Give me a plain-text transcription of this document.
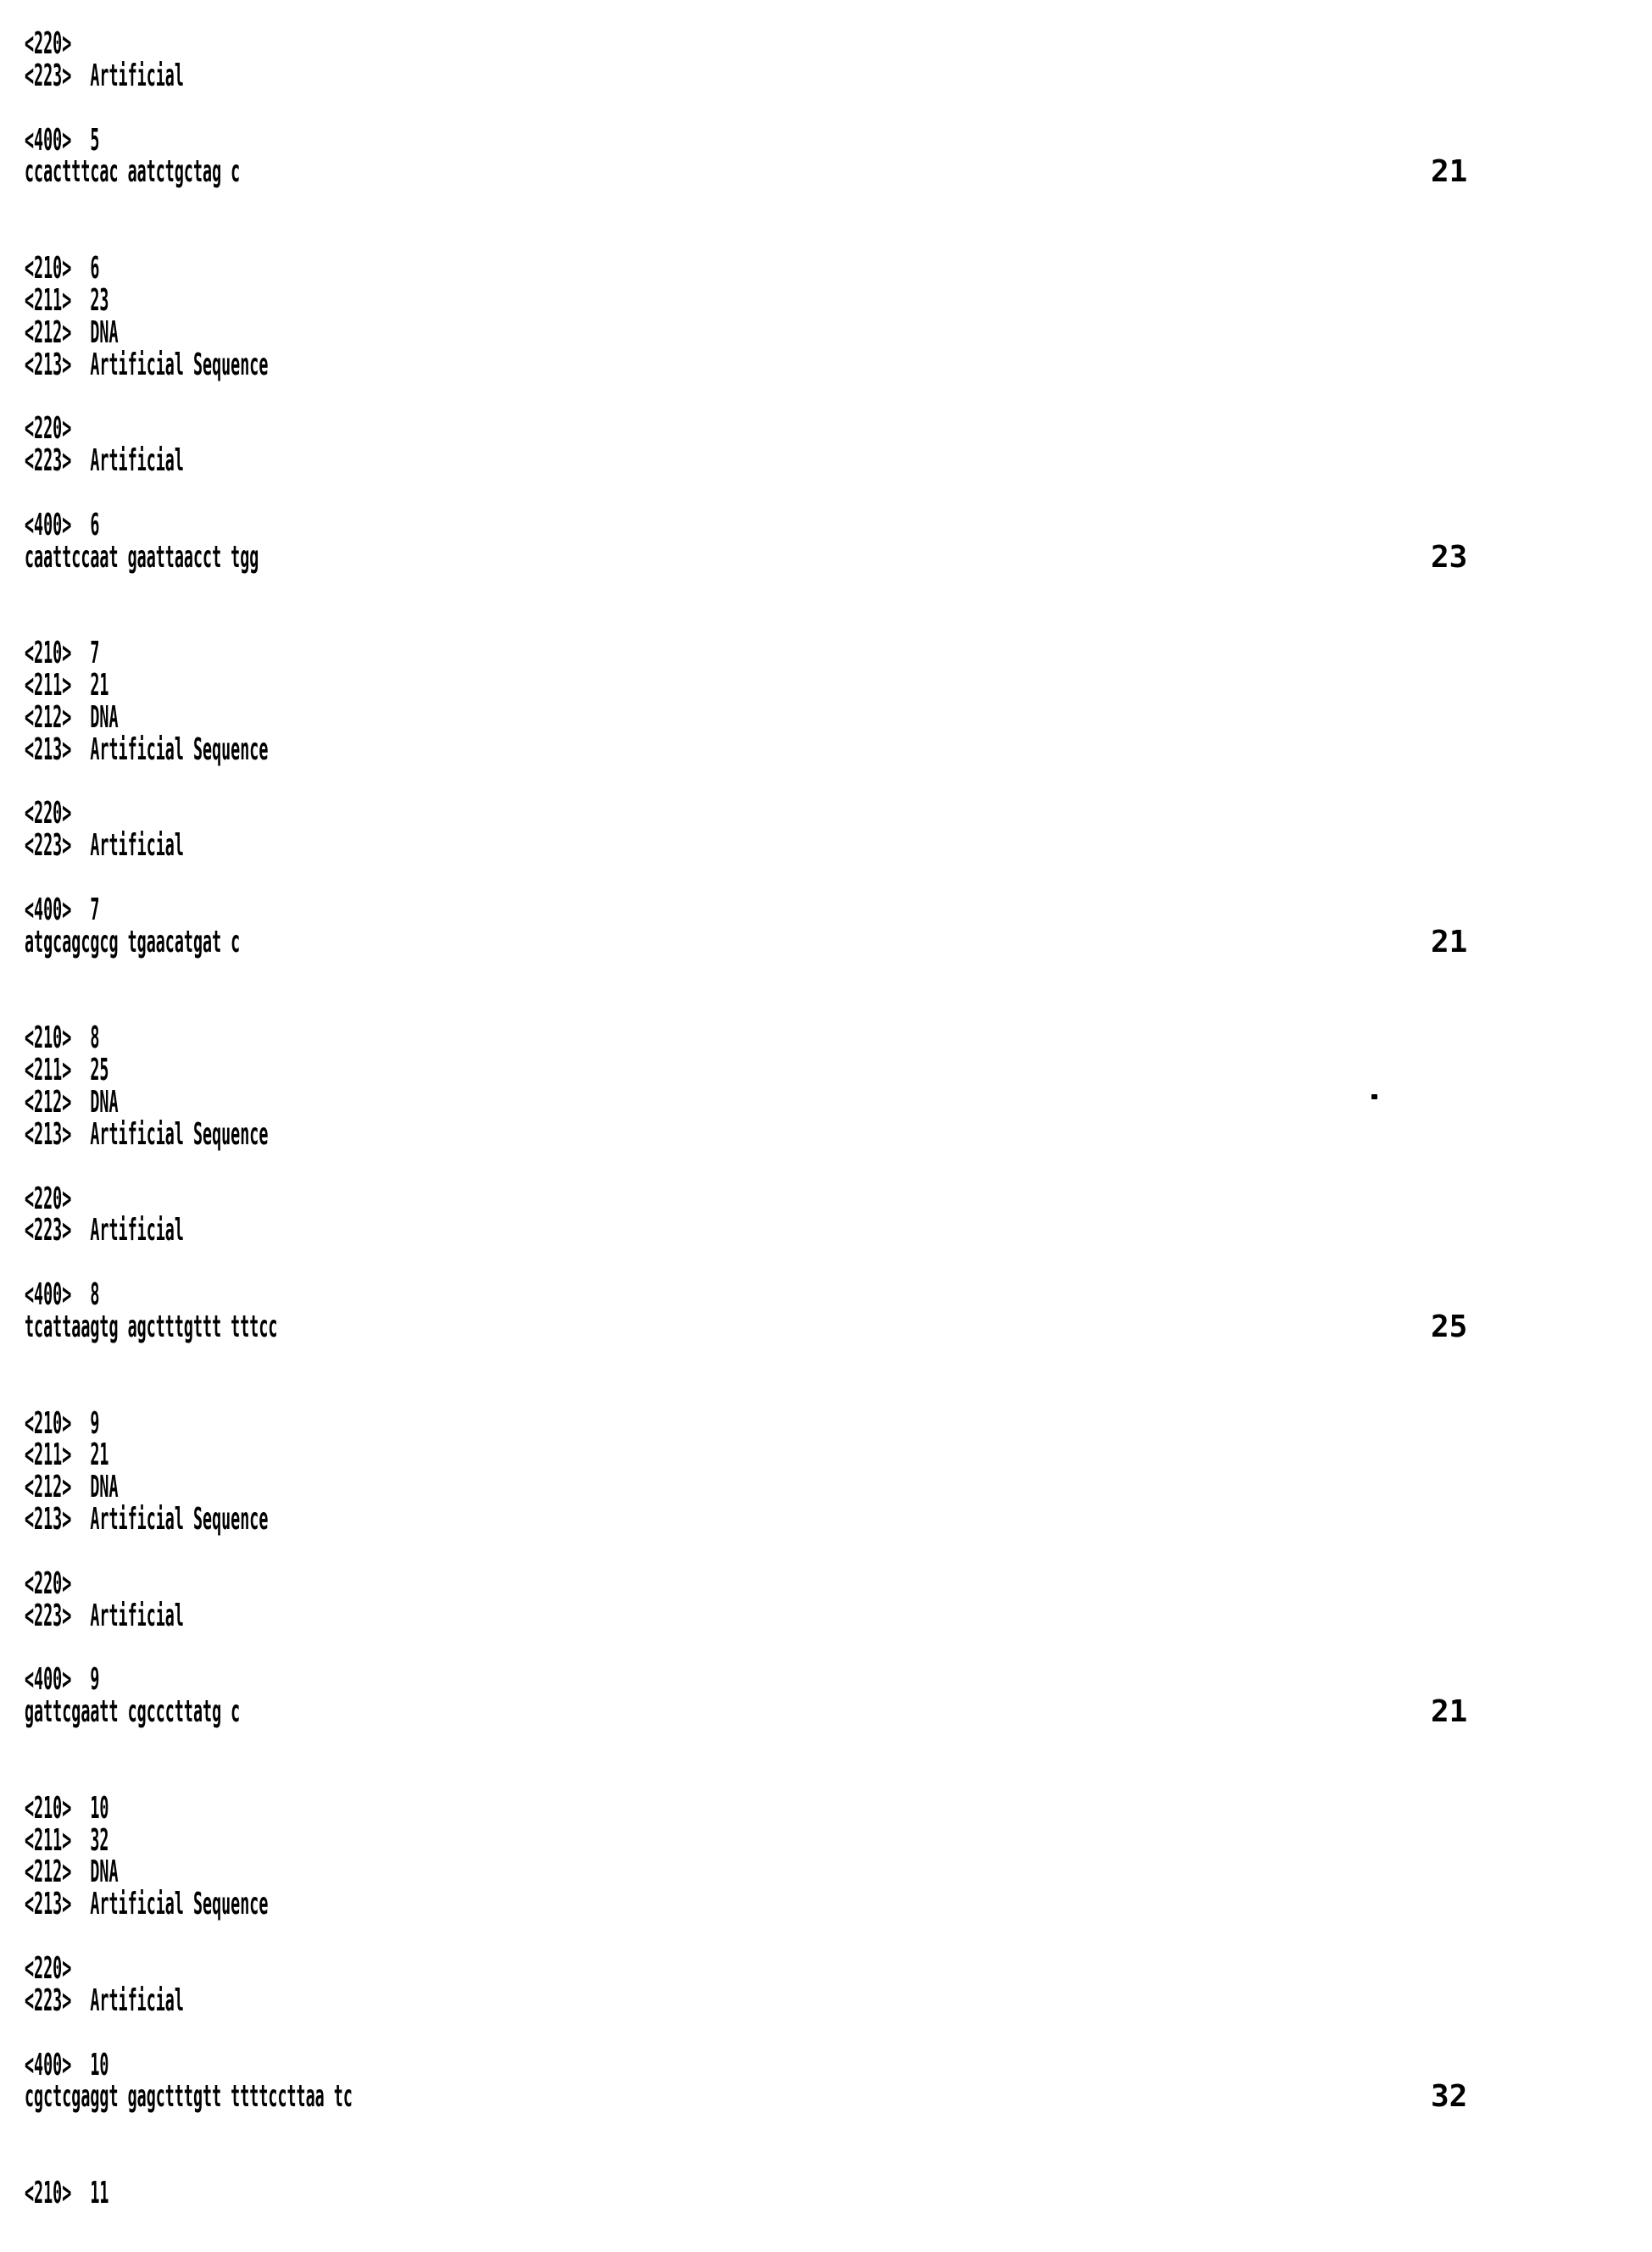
<220>
<223>  Artificial
<400>  5
ccactttcac aatctgctag c	21
<210>  6
<211>  23
<212>  DNA
<213>  Artificial Sequence
<220>
<223>  Artificial
<400>  6
caattccaat gaattaacct tgg	23
<210>  7
<211>  21
<212>  DNA
<213>  Artificial Sequence
<220>
<223>  Artificial
<400>  7
atgcagcgcg tgaacatgat c	21
<210>  8
<211>  25
<212>  DNA
<213>  Artificial Sequence
<220>
<223>  Artificial
<400>  8
tcattaagtg agctttgttt tttcc	25
<210>  9
<211>  21
<212>  DNA
<213>  Artificial Sequence
<220>
<223>  Artificial
<400>  9
gattcgaatt cgcccttatg c	21
<210>  10
<211>  32
<212>  DNA
<213>  Artificial Sequence
<220>
<223>  Artificial
<400>  10
cgctcgaggt gagctttgtt ttttccttaa tc	32
<210>  11
